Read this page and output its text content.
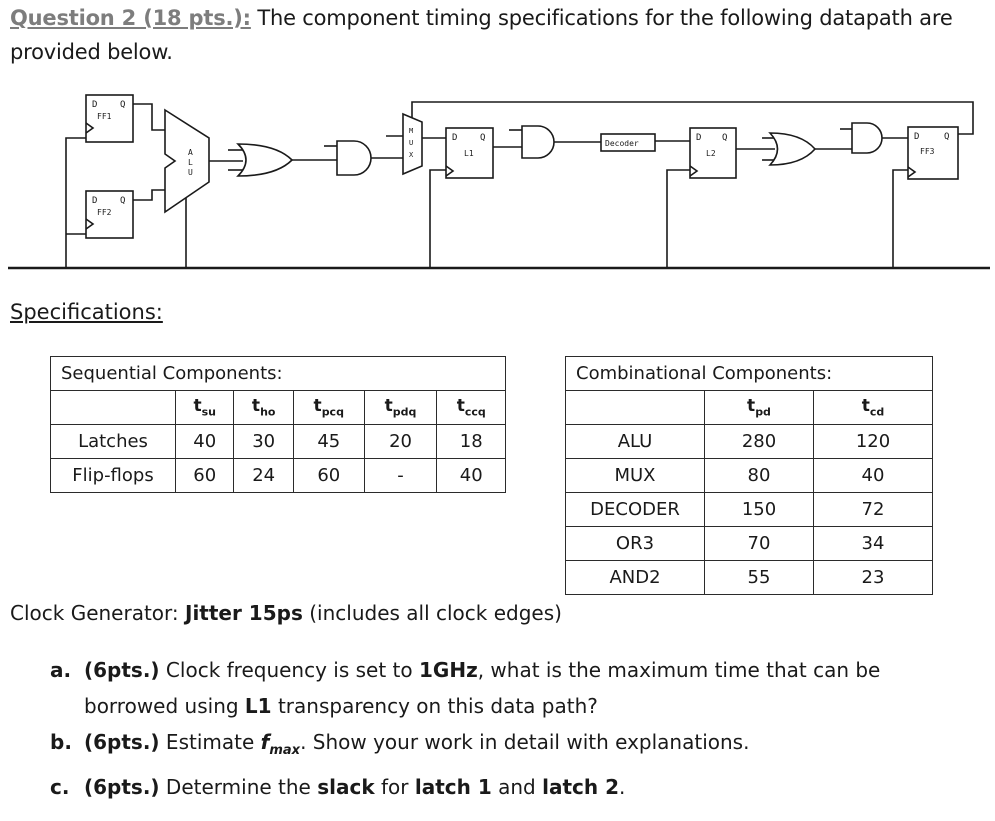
Question 2 (18 pts.): The component timing specifications for the following datapath are provided below.
D	Q
FF1
D	Q
FF2
A
L
U
M
U
X
D	Q
L1
Decoder
D Q
L2
D	Q
FF3
Specifications:
Sequential Components:					
	$t_{su}$	$t_{ho}$	$t_{pcq}$	$t_{pdq}$	$t_{ccq}$
Latches	40	30	45	20	18
Flip-flops	60	24	60	-	40
Combinational Components:		
	$t_{pd}$	$t_{cd}$
ALU	280	120
MUX	80	40
DECODER	150	72
OR3	70	34
AND2	55	23
Clock Generator: Jitter 15ps (includes all clock edges)
a. (6pts.) Clock frequency is set to 1GHz, what is the maximum time that can be borrowed using L1 transparency on this data path?
b. (6pts.) Estimate $f_{max}$. Show your work in detail with explanations.
c. (6pts.) Determine the slack for latch 1 and latch 2.
